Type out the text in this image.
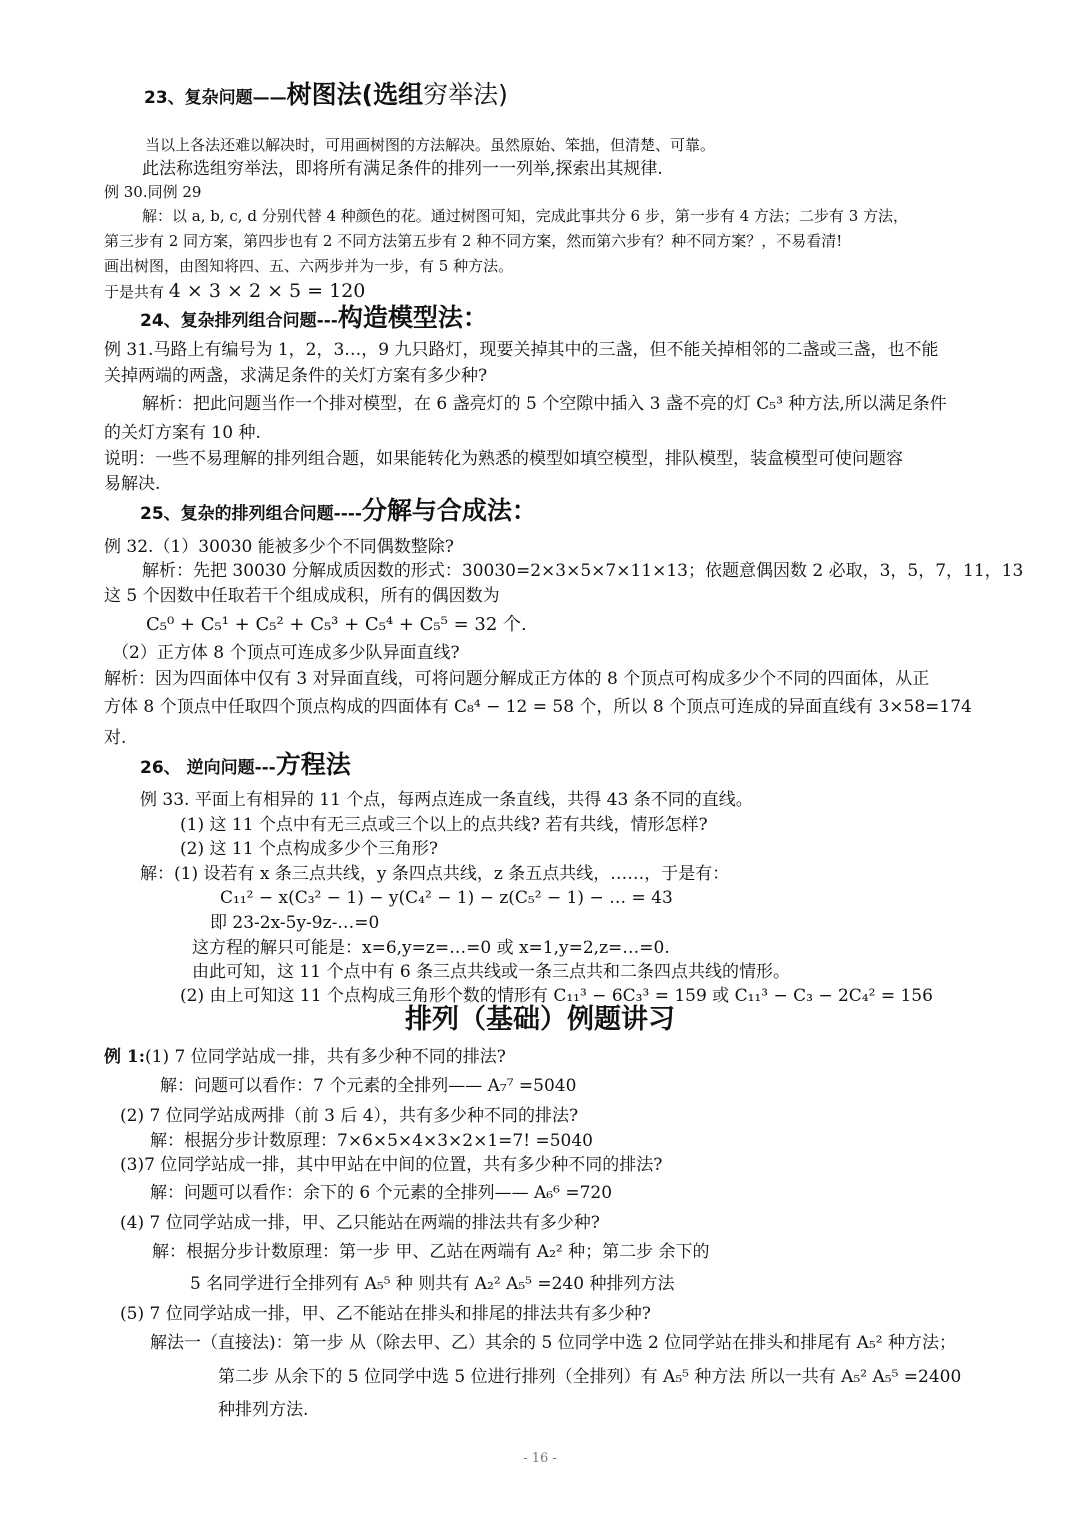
23、复杂问题——树图法(选组穷举法)
当以上各法还难以解决时，可用画树图的方法解决。虽然原始、笨拙，但清楚、可靠。
此法称选组穷举法，即将所有满足条件的排列一一列举,探索出其规律.
例 30.同例 29
解：以 a, b, c, d 分别代替 4 种颜色的花。通过树图可知，完成此事共分 6 步，第一步有 4 方法；二步有 3 方法，
第三步有 2 同方案，第四步也有 2 不同方法第五步有 2 种不同方案，然而第六步有？种不同方案？，不易看清!
画出树图，由图知将四、五、六两步并为一步，有 5 种方法。
于是共有 4 × 3 × 2 × 5 = 120
24、复杂排列组合问题---构造模型法：
例 31.马路上有编号为 1，2，3…，9 九只路灯，现要关掉其中的三盏，但不能关掉相邻的二盏或三盏，也不能
关掉两端的两盏，求满足条件的关灯方案有多少种?
解析：把此问题当作一个排对模型，在 6 盏亮灯的 5 个空隙中插入 3 盏不亮的灯 C₅³ 种方法,所以满足条件
的关灯方案有 10 种.
说明：一些不易理解的排列组合题，如果能转化为熟悉的模型如填空模型，排队模型，装盒模型可使问题容
易解决.
25、复杂的排列组合问题----分解与合成法：
例 32.（1）30030 能被多少个不同偶数整除?
解析：先把 30030 分解成质因数的形式：30030=2×3×5×7×11×13；依题意偶因数 2 必取，3，5，7，11，13
这 5 个因数中任取若干个组成成积，所有的偶因数为
C₅⁰ + C₅¹ + C₅² + C₅³ + C₅⁴ + C₅⁵ = 32 个.
（2）正方体 8 个顶点可连成多少队异面直线?
解析：因为四面体中仅有 3 对异面直线，可将问题分解成正方体的 8 个顶点可构成多少个不同的四面体，从正
方体 8 个顶点中任取四个顶点构成的四面体有 C₈⁴ − 12 = 58 个，所以 8 个顶点可连成的异面直线有 3×58=174
对.
26、 逆向问题---方程法
例 33. 平面上有相异的 11 个点，每两点连成一条直线，共得 43 条不同的直线。
(1) 这 11 个点中有无三点或三个以上的点共线? 若有共线，情形怎样?
(2) 这 11 个点构成多少个三角形?
解：(1) 设若有 x 条三点共线，y 条四点共线，z 条五点共线，……，于是有：
C₁₁² − x(C₃² − 1) − y(C₄² − 1) − z(C₅² − 1) − … = 43
即 23-2x-5y-9z-…=0
这方程的解只可能是：x=6,y=z=…=0 或 x=1,y=2,z=…=0.
由此可知，这 11 个点中有 6 条三点共线或一条三点共和二条四点共线的情形。
(2) 由上可知这 11 个点构成三角形个数的情形有 C₁₁³ − 6C₃³ = 159 或 C₁₁³ − C₃ − 2C₄² = 156
排列（基础）例题讲习
例 1:(1) 7 位同学站成一排，共有多少种不同的排法?
解：问题可以看作：7 个元素的全排列—— A₇⁷ =5040
(2) 7 位同学站成两排（前 3 后 4），共有多少种不同的排法?
解：根据分步计数原理：7×6×5×4×3×2×1=7! =5040
(3)7 位同学站成一排，其中甲站在中间的位置，共有多少种不同的排法?
解：问题可以看作：余下的 6 个元素的全排列—— A₆⁶ =720
(4) 7 位同学站成一排，甲、乙只能站在两端的排法共有多少种?
解：根据分步计数原理：第一步 甲、乙站在两端有 A₂² 种；第二步 余下的
5 名同学进行全排列有 A₅⁵ 种 则共有 A₂² A₅⁵ =240 种排列方法
(5) 7 位同学站成一排，甲、乙不能站在排头和排尾的排法共有多少种?
解法一（直接法)：第一步 从（除去甲、乙）其余的 5 位同学中选 2 位同学站在排头和排尾有 A₅² 种方法；
第二步 从余下的 5 位同学中选 5 位进行排列（全排列）有 A₅⁵ 种方法 所以一共有 A₅² A₅⁵ =2400
种排列方法.
- 16 -
